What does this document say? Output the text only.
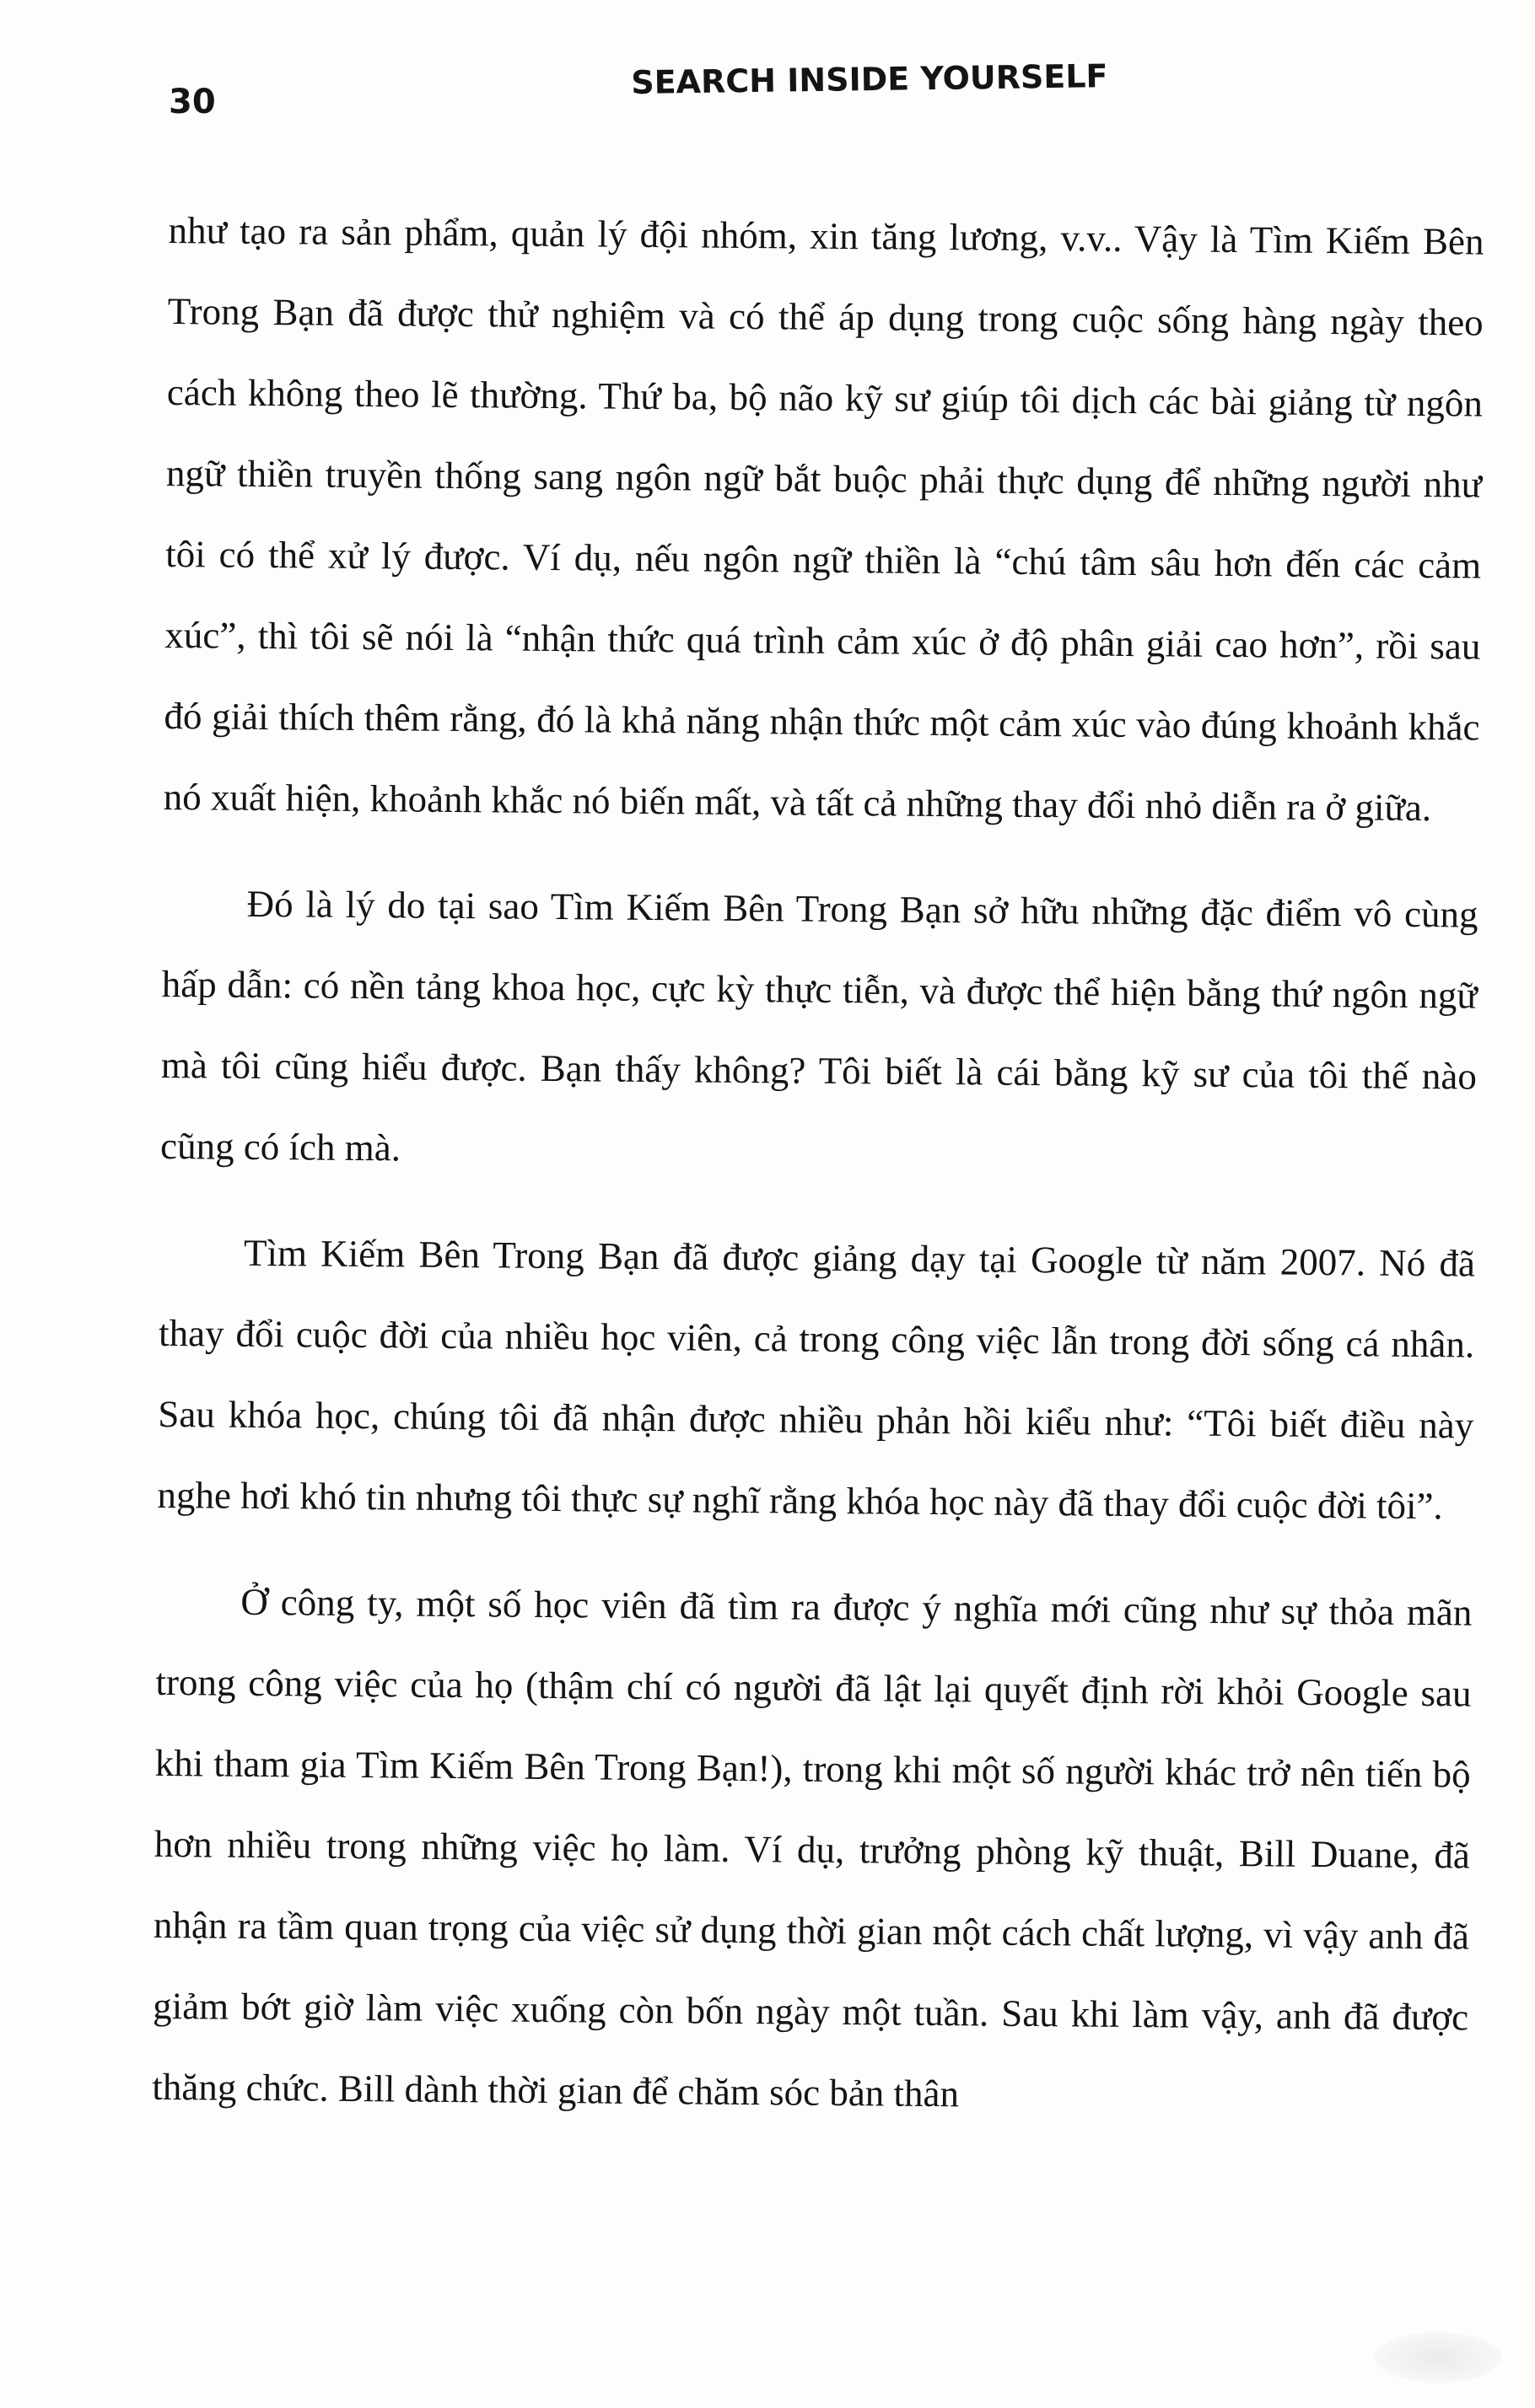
30
SEARCH INSIDE YOURSELF

như tạo ra sản phẩm, quản lý đội nhóm, xin tăng lương, v.v.. Vậy là Tìm Kiếm Bên Trong Bạn đã được thử nghiệm và có thể áp dụng trong cuộc sống hàng ngày theo cách không theo lẽ thường. Thứ ba, bộ não kỹ sư giúp tôi dịch các bài giảng từ ngôn ngữ thiền truyền thống sang ngôn ngữ bắt buộc phải thực dụng để những người như tôi có thể xử lý được. Ví dụ, nếu ngôn ngữ thiền là “chú tâm sâu hơn đến các cảm xúc”, thì tôi sẽ nói là “nhận thức quá trình cảm xúc ở độ phân giải cao hơn”, rồi sau đó giải thích thêm rằng, đó là khả năng nhận thức một cảm xúc vào đúng khoảnh khắc nó xuất hiện, khoảnh khắc nó biến mất, và tất cả những thay đổi nhỏ diễn ra ở giữa.

Đó là lý do tại sao Tìm Kiếm Bên Trong Bạn sở hữu những đặc điểm vô cùng hấp dẫn: có nền tảng khoa học, cực kỳ thực tiễn, và được thể hiện bằng thứ ngôn ngữ mà tôi cũng hiểu được. Bạn thấy không? Tôi biết là cái bằng kỹ sư của tôi thế nào cũng có ích mà.

Tìm Kiếm Bên Trong Bạn đã được giảng dạy tại Google từ năm 2007. Nó đã thay đổi cuộc đời của nhiều học viên, cả trong công việc lẫn trong đời sống cá nhân. Sau khóa học, chúng tôi đã nhận được nhiều phản hồi kiểu như: “Tôi biết điều này nghe hơi khó tin nhưng tôi thực sự nghĩ rằng khóa học này đã thay đổi cuộc đời tôi”.

Ở công ty, một số học viên đã tìm ra được ý nghĩa mới cũng như sự thỏa mãn trong công việc của họ (thậm chí có người đã lật lại quyết định rời khỏi Google sau khi tham gia Tìm Kiếm Bên Trong Bạn!), trong khi một số người khác trở nên tiến bộ hơn nhiều trong những việc họ làm. Ví dụ, trưởng phòng kỹ thuật, Bill Duane, đã nhận ra tầm quan trọng của việc sử dụng thời gian một cách chất lượng, vì vậy anh đã giảm bớt giờ làm việc xuống còn bốn ngày một tuần. Sau khi làm vậy, anh đã được thăng chức. Bill dành thời gian để chăm sóc bản thân
